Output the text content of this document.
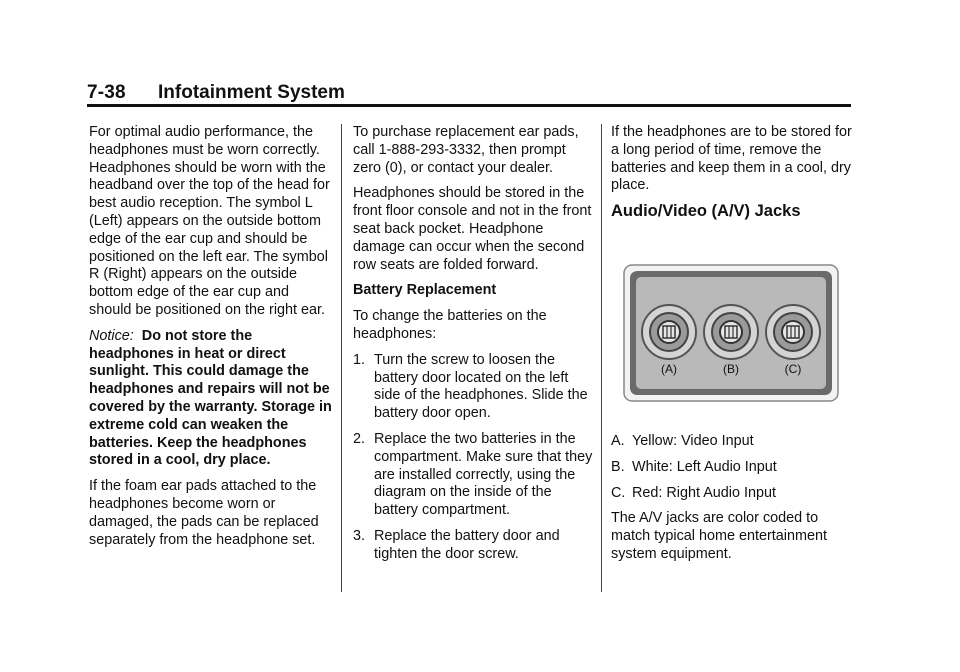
7-38 Infotainment System

For optimal audio performance, the headphones must be worn correctly. Headphones should be worn with the headband over the top of the head for best audio reception. The symbol L (Left) appears on the outside bottom edge of the ear cup and should be positioned on the left ear. The symbol R (Right) appears on the outside bottom edge of the ear cup and should be positioned on the right ear.

Notice: Do not store the headphones in heat or direct sunlight. This could damage the headphones and repairs will not be covered by the warranty. Storage in extreme cold can weaken the batteries. Keep the headphones stored in a cool, dry place.

If the foam ear pads attached to the headphones become worn or damaged, the pads can be replaced separately from the headphone set.

To purchase replacement ear pads, call 1-888-293-3332, then prompt zero (0), or contact your dealer.

Headphones should be stored in the front floor console and not in the front seat back pocket. Headphone damage can occur when the second row seats are folded forward.

Battery Replacement

To change the batteries on the headphones:

1. Turn the screw to loosen the battery door located on the left side of the headphones. Slide the battery door open.
2. Replace the two batteries in the compartment. Make sure that they are installed correctly, using the diagram on the inside of the battery compartment.
3. Replace the battery door and tighten the door screw.

If the headphones are to be stored for a long period of time, remove the batteries and keep them in a cool, dry place.

Audio/Video (A/V) Jacks

A. Yellow: Video Input
B. White: Left Audio Input
C. Red: Right Audio Input

The A/V jacks are color coded to match typical home entertainment system equipment.

(A)	(B)	(C)
